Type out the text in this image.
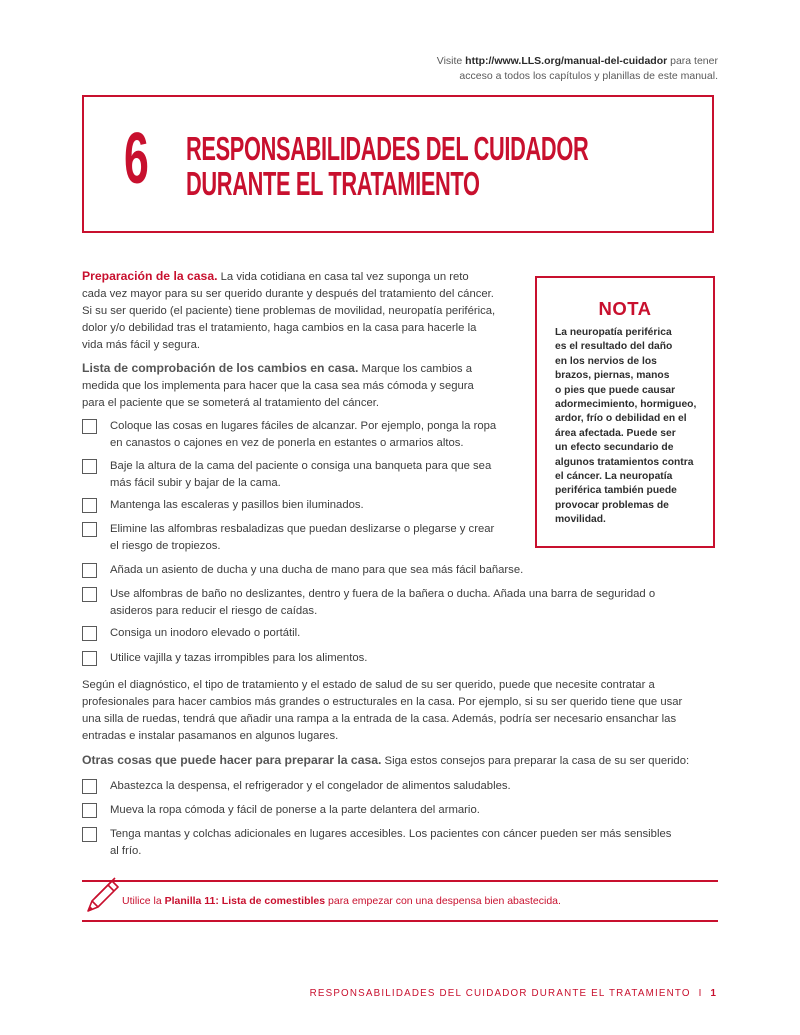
Visite http://www.LLS.org/manual-del-cuidador para tener
acceso a todos los capítulos y planillas de este manual.
6 RESPONSABILIDADES DEL CUIDADOR
DURANTE EL TRATAMIENTO
Preparación de la casa. La vida cotidiana en casa tal vez suponga un reto
cada vez mayor para su ser querido durante y después del tratamiento del cáncer.
Si su ser querido (el paciente) tiene problemas de movilidad, neuropatía periférica,
dolor y/o debilidad tras el tratamiento, haga cambios en la casa para hacerle la
vida más fácil y segura.
Lista de comprobación de los cambios en casa. Marque los cambios a
medida que los implementa para hacer que la casa sea más cómoda y segura
para el paciente que se someterá al tratamiento del cáncer.
Coloque las cosas en lugares fáciles de alcanzar. Por ejemplo, ponga la ropa
en canastos o cajones en vez de ponerla en estantes o armarios altos.
Baje la altura de la cama del paciente o consiga una banqueta para que sea
más fácil subir y bajar de la cama.
Mantenga las escaleras y pasillos bien iluminados.
Elimine las alfombras resbaladizas que puedan deslizarse o plegarse y crear
el riesgo de tropiezos.
Añada un asiento de ducha y una ducha de mano para que sea más fácil bañarse.
Use alfombras de baño no deslizantes, dentro y fuera de la bañera o ducha. Añada una barra de seguridad o
asideros para reducir el riesgo de caídas.
Consiga un inodoro elevado o portátil.
Utilice vajilla y tazas irrompibles para los alimentos.
Según el diagnóstico, el tipo de tratamiento y el estado de salud de su ser querido, puede que necesite contratar a
profesionales para hacer cambios más grandes o estructurales en la casa. Por ejemplo, si su ser querido tiene que usar
una silla de ruedas, tendrá que añadir una rampa a la entrada de la casa. Además, podría ser necesario ensanchar las
entradas e instalar pasamanos en algunos lugares.
Otras cosas que puede hacer para preparar la casa. Siga estos consejos para preparar la casa de su ser querido:
Abastezca la despensa, el refrigerador y el congelador de alimentos saludables.
Mueva la ropa cómoda y fácil de ponerse a la parte delantera del armario.
Tenga mantas y colchas adicionales en lugares accesibles. Los pacientes con cáncer pueden ser más sensibles
al frío.
NOTA
La neuropatía periférica
es el resultado del daño
en los nervios de los
brazos, piernas, manos
o pies que puede causar
adormecimiento, hormigueo,
ardor, frío o debilidad en el
área afectada. Puede ser
un efecto secundario de
algunos tratamientos contra
el cáncer. La neuropatía
periférica también puede
provocar problemas de
movilidad.
Utilice la Planilla 11: Lista de comestibles para empezar con una despensa bien abastecida.
RESPONSABILIDADES DEL CUIDADOR DURANTE EL TRATAMIENTO I 1
